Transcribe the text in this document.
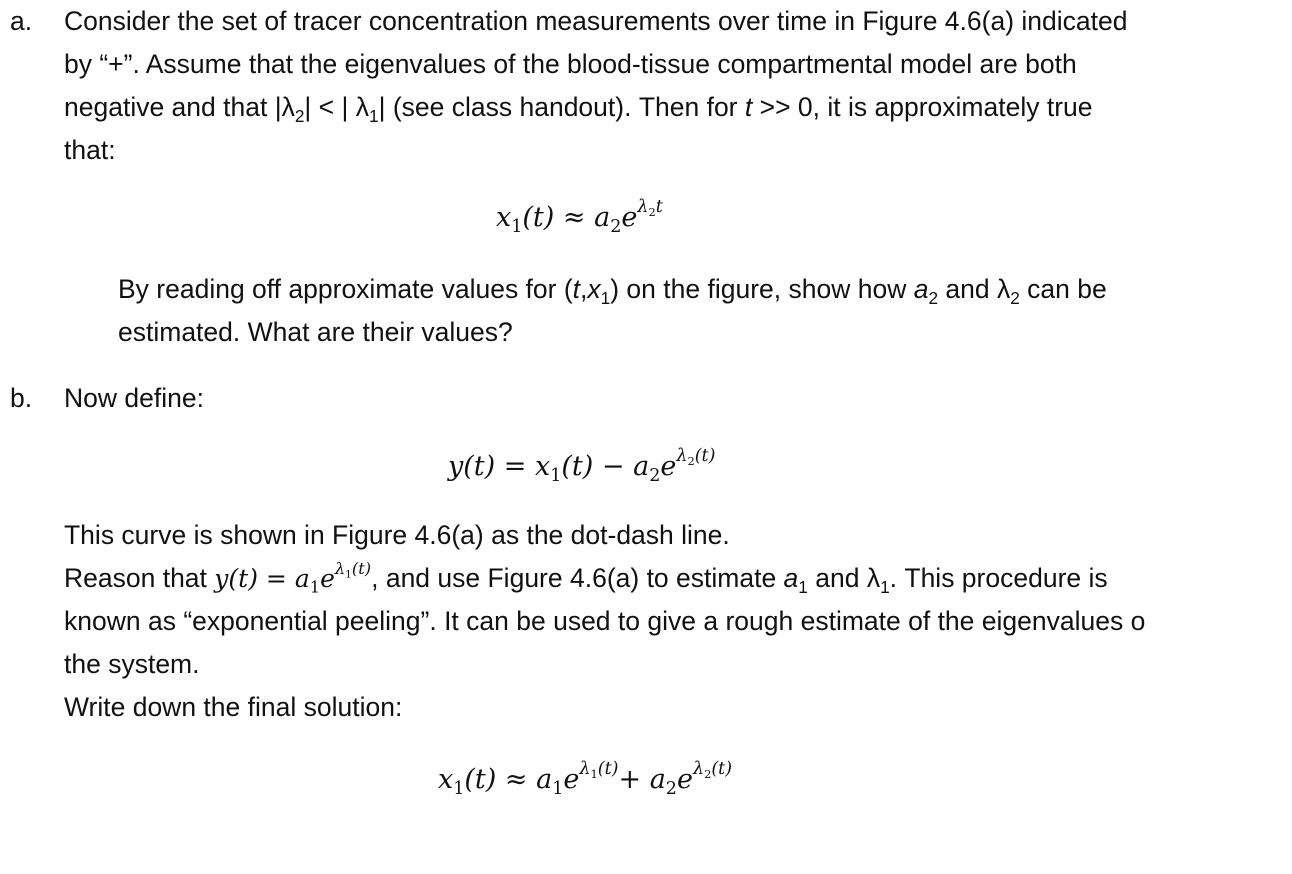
a. Consider the set of tracer concentration measurements over time in Figure 4.6(a) indicated
by “+”. Assume that the eigenvalues of the blood-tissue compartmental model are both
negative and that $|\lambda_2|$ < | $\lambda_1|$ (see class handout). Then for t >> 0, it is approximately true
that:
$x_1(t) \approx a_2e^{\lambda_2t}$
By reading off approximate values for $(t,x_1)$ on the figure, show how $a_2$ and $\lambda_2$ can be
estimated. What are their values?
b. Now define:
$y(t) = x_1(t) - a_2e^{\lambda_2(t)}$
This curve is shown in Figure 4.6(a) as the dot-dash line.
Reason that $y(t) = a_1e^{\lambda_1(t)}$, and use Figure 4.6(a) to estimate $a_1$ and $\lambda_1$. This procedure is
known as “exponential peeling”. It can be used to give a rough estimate of the eigenvalues o
the system.
Write down the final solution:
$x_1(t) \approx a_1e^{\lambda_1(t)}+ a_2e^{\lambda_2(t)}$
